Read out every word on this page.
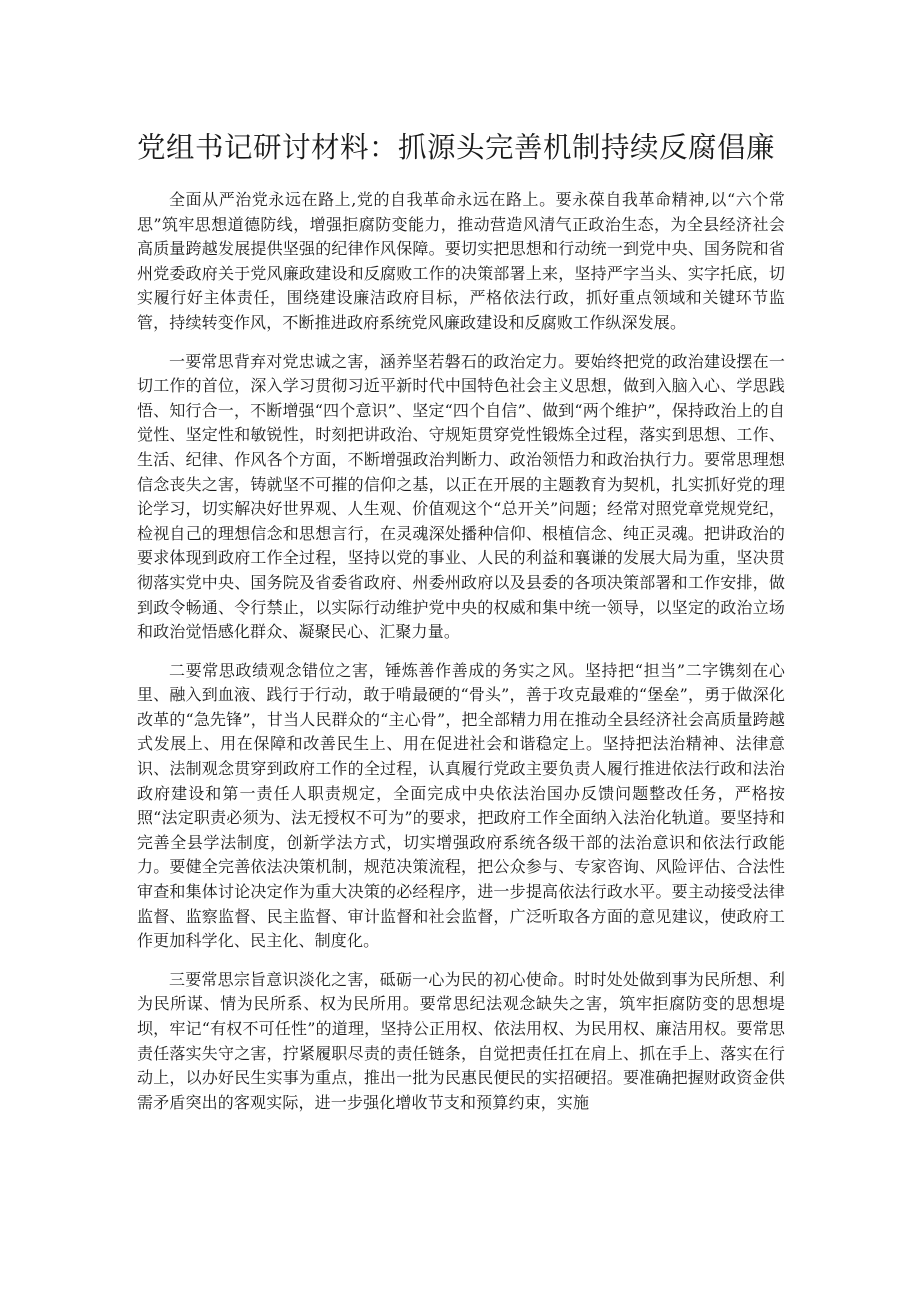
党组书记研讨材料：抓源头完善机制持续反腐倡廉

全面从严治党永远在路上,党的自我革命永远在路上。要永葆自我革命精神,以“六个常思”筑牢思想道德防线，增强拒腐防变能力，推动营造风清气正政治生态，为全县经济社会高质量跨越发展提供坚强的纪律作风保障。要切实把思想和行动统一到党中央、国务院和省州党委政府关于党风廉政建设和反腐败工作的决策部署上来，坚持严字当头、实字托底，切实履行好主体责任，围绕建设廉洁政府目标，严格依法行政，抓好重点领域和关键环节监管，持续转变作风，不断推进政府系统党风廉政建设和反腐败工作纵深发展。

一要常思背弃对党忠诚之害，涵养坚若磐石的政治定力。要始终把党的政治建设摆在一切工作的首位，深入学习贯彻习近平新时代中国特色社会主义思想，做到入脑入心、学思践悟、知行合一，不断增强“四个意识”、坚定“四个自信”、做到“两个维护”，保持政治上的自觉性、坚定性和敏锐性，时刻把讲政治、守规矩贯穿党性锻炼全过程，落实到思想、工作、生活、纪律、作风各个方面，不断增强政治判断力、政治领悟力和政治执行力。要常思理想信念丧失之害，铸就坚不可摧的信仰之基，以正在开展的主题教育为契机，扎实抓好党的理论学习，切实解决好世界观、人生观、价值观这个“总开关”问题；经常对照党章党规党纪，检视自己的理想信念和思想言行，在灵魂深处播种信仰、根植信念、纯正灵魂。把讲政治的要求体现到政府工作全过程，坚持以党的事业、人民的利益和襄谦的发展大局为重，坚决贯彻落实党中央、国务院及省委省政府、州委州政府以及县委的各项决策部署和工作安排，做到政令畅通、令行禁止，以实际行动维护党中央的权威和集中统一领导，以坚定的政治立场和政治觉悟感化群众、凝聚民心、汇聚力量。

二要常思政绩观念错位之害，锤炼善作善成的务实之风。坚持把“担当”二字镌刻在心里、融入到血液、践行于行动，敢于啃最硬的“骨头”，善于攻克最难的“堡垒”，勇于做深化改革的“急先锋”，甘当人民群众的“主心骨”，把全部精力用在推动全县经济社会高质量跨越式发展上、用在保障和改善民生上、用在促进社会和谐稳定上。坚持把法治精神、法律意识、法制观念贯穿到政府工作的全过程，认真履行党政主要负责人履行推进依法行政和法治政府建设和第一责任人职责规定，全面完成中央依法治国办反馈问题整改任务，严格按照“法定职责必须为、法无授权不可为”的要求，把政府工作全面纳入法治化轨道。要坚持和完善全县学法制度，创新学法方式，切实增强政府系统各级干部的法治意识和依法行政能力。要健全完善依法决策机制，规范决策流程，把公众参与、专家咨询、风险评估、合法性审查和集体讨论决定作为重大决策的必经程序，进一步提高依法行政水平。要主动接受法律监督、监察监督、民主监督、审计监督和社会监督，广泛听取各方面的意见建议，使政府工作更加科学化、民主化、制度化。

三要常思宗旨意识淡化之害，砥砺一心为民的初心使命。时时处处做到事为民所想、利为民所谋、情为民所系、权为民所用。要常思纪法观念缺失之害，筑牢拒腐防变的思想堤坝，牢记“有权不可任性”的道理，坚持公正用权、依法用权、为民用权、廉洁用权。要常思责任落实失守之害，拧紧履职尽责的责任链条，自觉把责任扛在肩上、抓在手上、落实在行动上，以办好民生实事为重点，推出一批为民惠民便民的实招硬招。要准确把握财政资金供需矛盾突出的客观实际，进一步强化增收节支和预算约束，实施
